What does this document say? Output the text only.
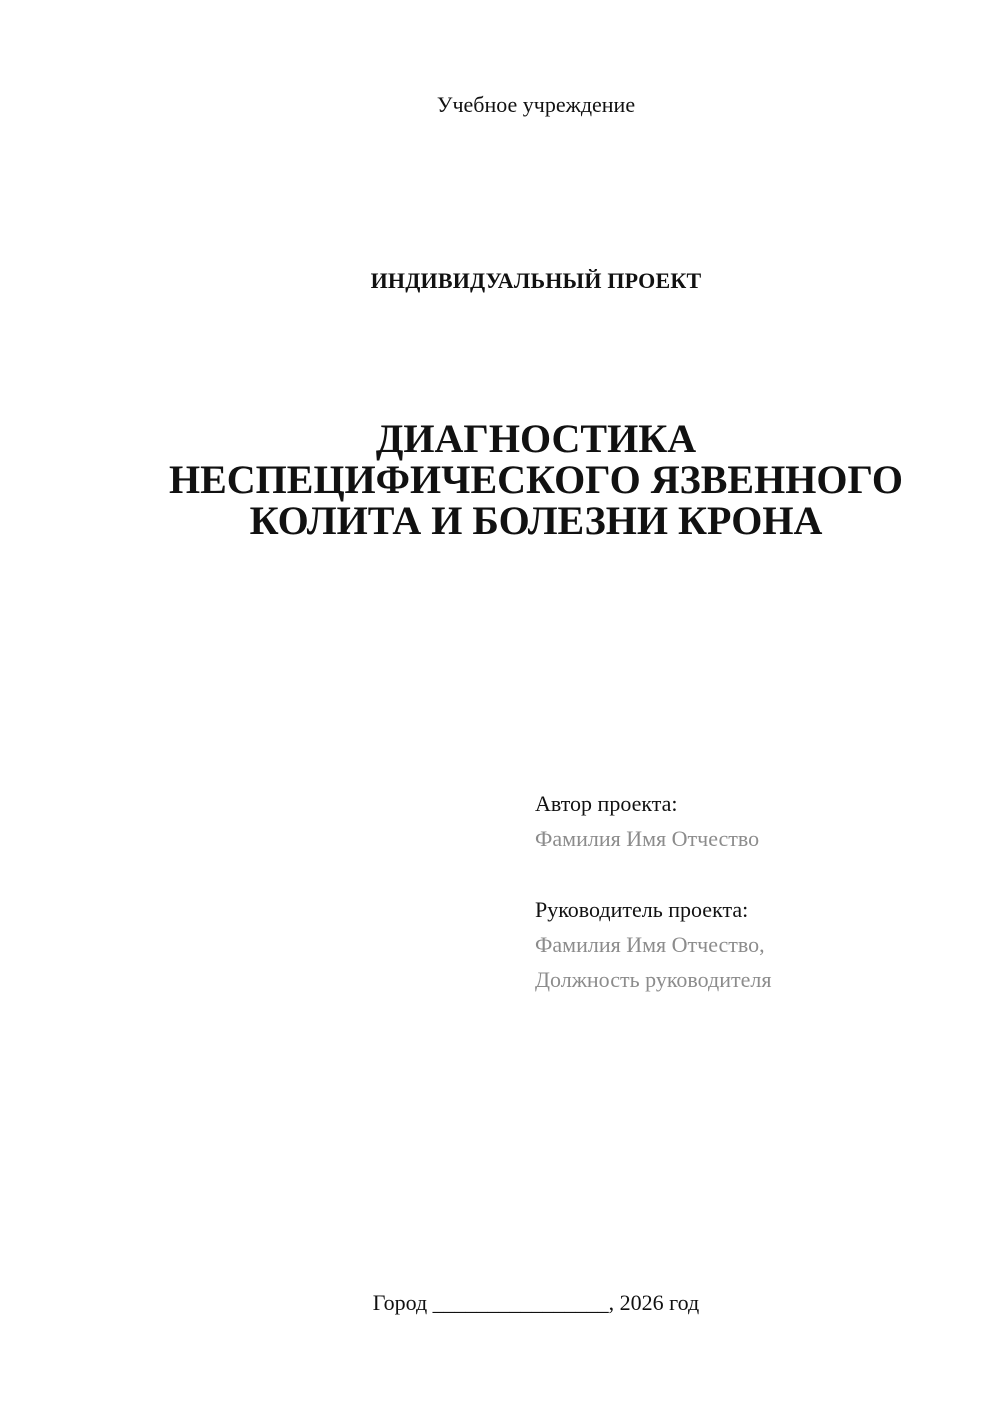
Учебное учреждение
ИНДИВИДУАЛЬНЫЙ ПРОЕКТ
ДИАГНОСТИКА
НЕСПЕЦИФИЧЕСКОГО ЯЗВЕННОГО
КОЛИТА И БОЛЕЗНИ КРОНА
Автор проекта:
Фамилия Имя Отчество
Руководитель проекта:
Фамилия Имя Отчество,
Должность руководителя
Город ________________, 2026 год
